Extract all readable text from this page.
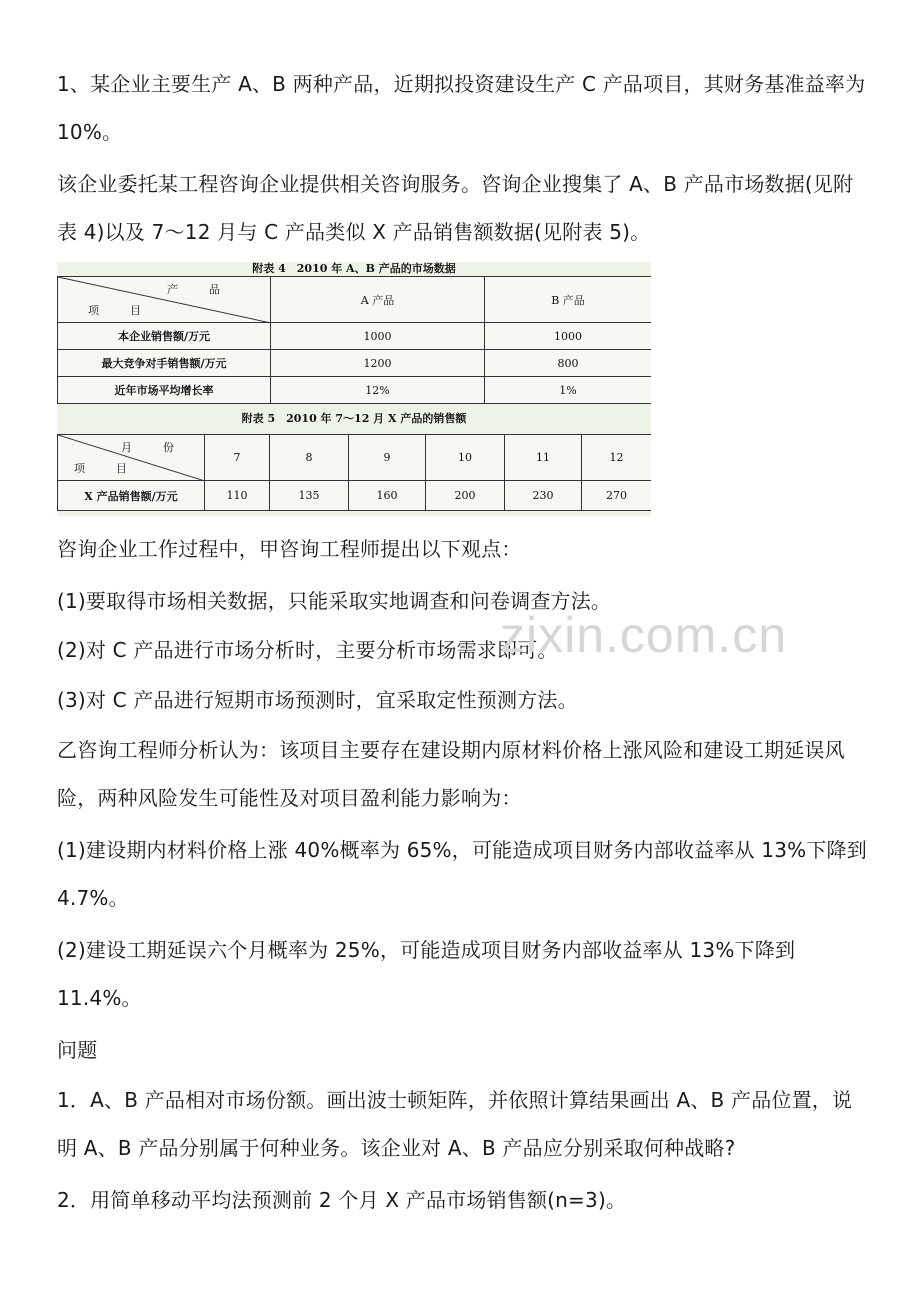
1、某企业主要生产 A、B 两种产品，近期拟投资建设生产 C 产品项目，其财务基准益率为 10%。

该企业委托某工程咨询企业提供相关咨询服务。咨询企业搜集了 A、B 产品市场数据(见附表 4)以及 7～12 月与 C 产品类似 X 产品销售额数据(见附表 5)。

附表 4　2010 年 A、B 产品的市场数据
产　品
项　目	A 产品	B 产品
本企业销售额/万元	1000	1000
最大竞争对手销售额/万元	1200	800
近年市场平均增长率	12%	1%
附表 5　2010 年 7～12 月 X 产品的销售额
月　份
项　目	7	8	9	10	11	12
X 产品销售额/万元	110	135	160	200	230	270

咨询企业工作过程中，甲咨询工程师提出以下观点：

(1)要取得市场相关数据，只能采取实地调查和问卷调查方法。

(2)对 C 产品进行市场分析时，主要分析市场需求即可。

(3)对 C 产品进行短期市场预测时，宜采取定性预测方法。

zixin.com.cn

乙咨询工程师分析认为：该项目主要存在建设期内原材料价格上涨风险和建设工期延误风险，两种风险发生可能性及对项目盈利能力影响为：

(1)建设期内材料价格上涨 40%概率为 65%，可能造成项目财务内部收益率从 13%下降到 4.7%。

(2)建设工期延误六个月概率为 25%，可能造成项目财务内部收益率从 13%下降到 11.4%。

问题

1．A、B 产品相对市场份额。画出波士顿矩阵，并依照计算结果画出 A、B 产品位置，说明 A、B 产品分别属于何种业务。该企业对 A、B 产品应分别采取何种战略?

2．用简单移动平均法预测前 2 个月 X 产品市场销售额(n=3)。
